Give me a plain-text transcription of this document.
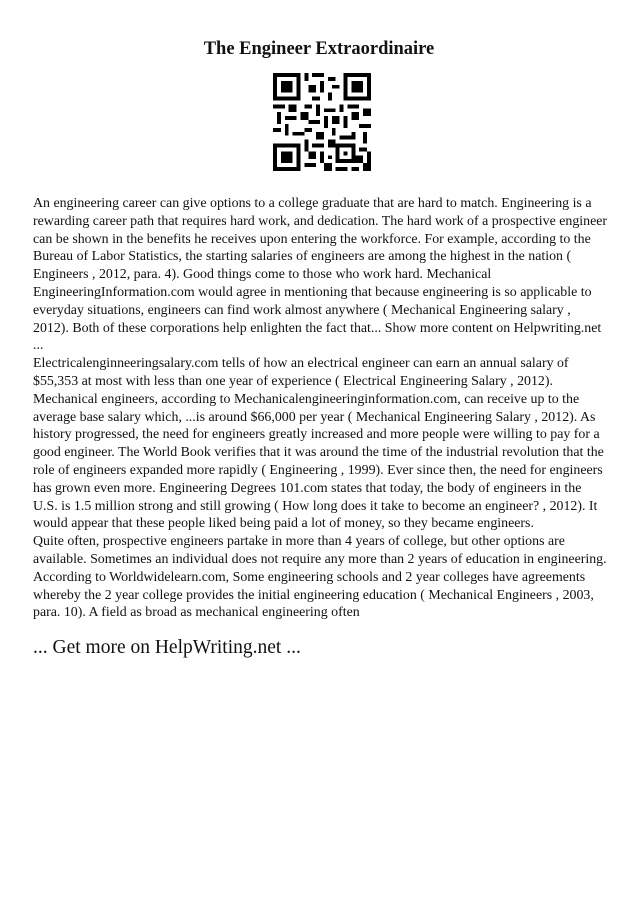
The Engineer Extraordinaire

An engineering career can give options to a college graduate that are hard to match. Engineering is a rewarding career path that requires hard work, and dedication. The hard work of a prospective engineer can be shown in the benefits he receives upon entering the workforce. For example, according to the Bureau of Labor Statistics, the starting salaries of engineers are among the highest in the nation ( Engineers , 2012, para. 4). Good things come to those who work hard. Mechanical EngineeringInformation.com would agree in mentioning that because engineering is so applicable to everyday situations, engineers can find work almost anywhere ( Mechanical Engineering salary , 2012). Both of these corporations help enlighten the fact that... Show more content on Helpwriting.net ...

Electricalenginneeringsalary.com tells of how an electrical engineer can earn an annual salary of $55,353 at most with less than one year of experience ( Electrical Engineering Salary , 2012). Mechanical engineers, according to Mechanicalengineeringinformation.com, can receive up to the average base salary which, ...is around $66,000 per year ( Mechanical Engineering Salary , 2012). As history progressed, the need for engineers greatly increased and more people were willing to pay for a good engineer. The World Book verifies that it was around the time of the industrial revolution that the role of engineers expanded more rapidly ( Engineering , 1999). Ever since then, the need for engineers has grown even more. Engineering Degrees 101.com states that today, the body of engineers in the U.S. is 1.5 million strong and still growing ( How long does it take to become an engineer? , 2012). It would appear that these people liked being paid a lot of money, so they became engineers.

Quite often, prospective engineers partake in more than 4 years of college, but other options are available. Sometimes an individual does not require any more than 2 years of education in engineering. According to Worldwidelearn.com, Some engineering schools and 2 year colleges have agreements whereby the 2 year college provides the initial engineering education ( Mechanical Engineers , 2003, para. 10). A field as broad as mechanical engineering often

... Get more on HelpWriting.net ...
